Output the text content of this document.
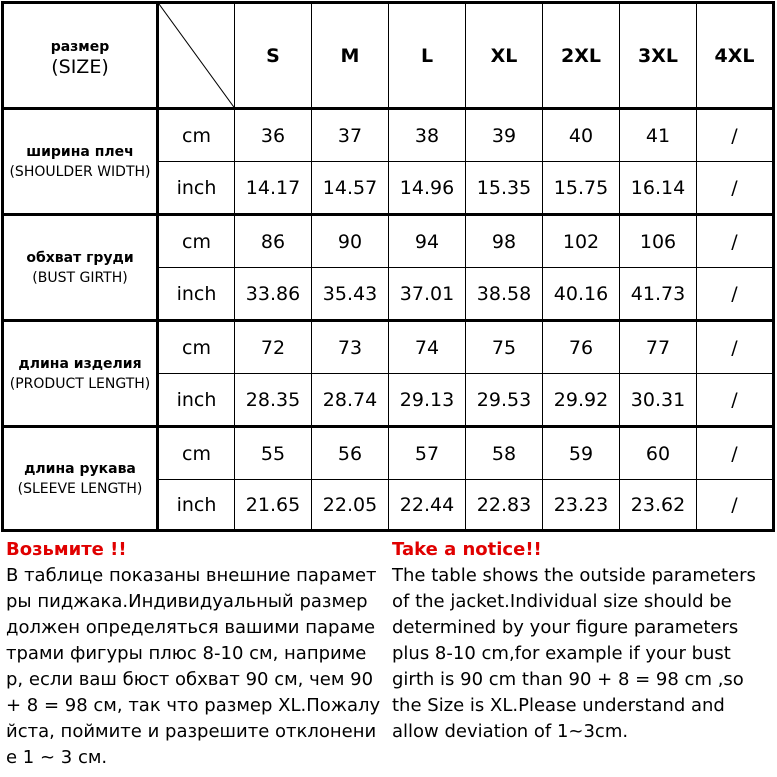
размер
(SIZE)		S	M	L	XL	2XL	3XL	4XL
ширина плеч
(SHOULDER WIDTH)	cm	36	37	38	39	40	41	/
	inch	14.17	14.57	14.96	15.35	15.75	16.14	/
обхват груди
(BUST GIRTH)	cm	86	90	94	98	102	106	/
	inch	33.86	35.43	37.01	38.58	40.16	41.73	/
длина изделия
(PRODUCT LENGTH)	cm	72	73	74	75	76	77	/
	inch	28.35	28.74	29.13	29.53	29.92	30.31	/
длина рукава
(SLEEVE LENGTH)	cm	55	56	57	58	59	60	/
	inch	21.65	22.05	22.44	22.83	23.23	23.62	/
Возьмите !!
В таблице показаны внешние парамет
ры пиджака.Индивидуальный размер
должен определяться вашими параме
трами фигуры плюс 8-10 см, наприме
р, если ваш бюст обхват 90 см, чем 90
+ 8 = 98 см, так что размер XL.Пожалу
йста, поймите и разрешите отклонени
е 1 ~ 3 см.
Take a notice!!
The table shows the outside parameters
of the jacket.Individual size should be
determined by your figure parameters
plus 8-10 cm,for example if your bust
girth is 90 cm than 90 + 8 = 98 cm ,so
the Size is XL.Please understand and
allow deviation of 1~3cm.
